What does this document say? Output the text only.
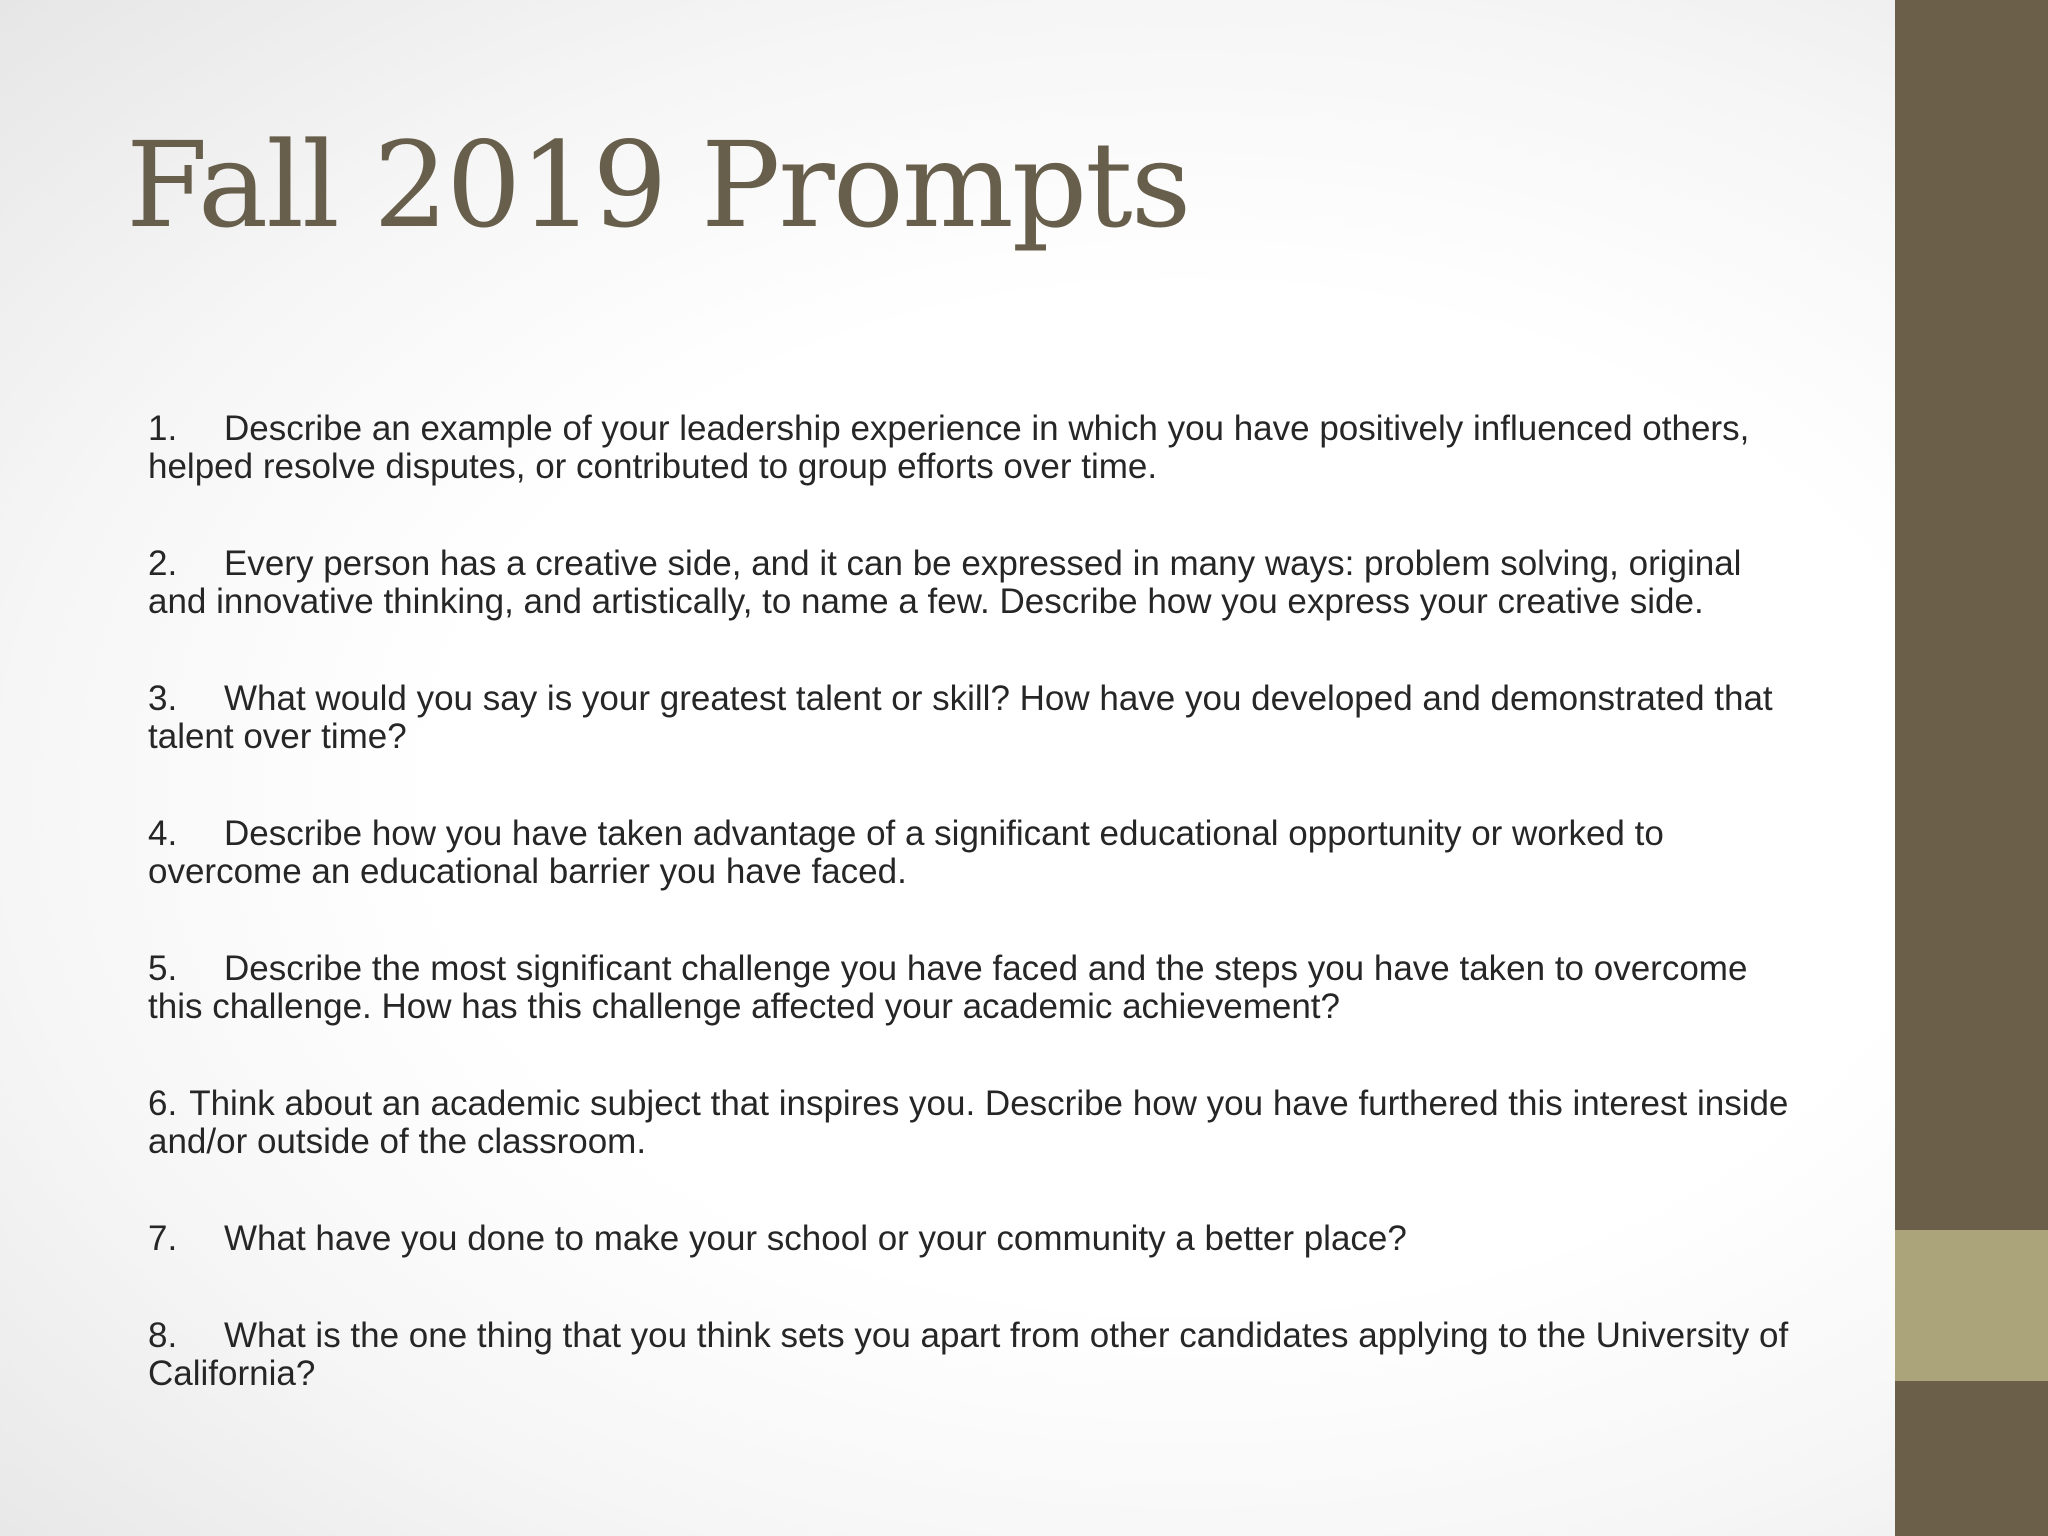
Fall 2019 Prompts
1. Describe an example of your leadership experience in which you have positively influenced others, helped resolve disputes, or contributed to group efforts over time.
2. Every person has a creative side, and it can be expressed in many ways: problem solving, original and innovative thinking, and artistically, to name a few. Describe how you express your creative side.
3. What would you say is your greatest talent or skill? How have you developed and demonstrated that talent over time?
4. Describe how you have taken advantage of a significant educational opportunity or worked to overcome an educational barrier you have faced.
5. Describe the most significant challenge you have faced and the steps you have taken to overcome this challenge. How has this challenge affected your academic achievement?
6. Think about an academic subject that inspires you. Describe how you have furthered this interest inside and/or outside of the classroom.
7. What have you done to make your school or your community a better place?
8. What is the one thing that you think sets you apart from other candidates applying to the University of California?
